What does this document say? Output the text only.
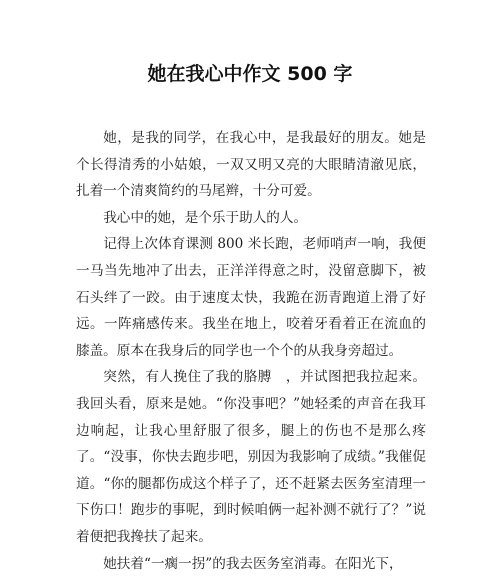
她在我心中作文 500 字

她，是我的同学，在我心中，是我最好的朋友。她是个长得清秀的小姑娘，一双又明又亮的大眼睛清澈见底，扎着一个清爽简约的马尾辫，十分可爱。

我心中的她，是个乐于助人的人。

记得上次体育课测 800 米长跑，老师哨声一响，我便一马当先地冲了出去，正洋洋得意之时，没留意脚下，被石头绊了一跤。由于速度太快，我跪在沥青跑道上滑了好远。一阵痛感传来。我坐在地上，咬着牙看着正在流血的膝盖。原本在我身后的同学也一个个的从我身旁超过。

突然，有人挽住了我的胳膊　，并试图把我拉起来。我回头看，原来是她。“你没事吧？”她轻柔的声音在我耳边响起，让我心里舒服了很多，腿上的伤也不是那么疼了。“没事，你快去跑步吧，别因为我影响了成绩。”我催促道。“你的腿都伤成这个样子了，还不赶紧去医务室清理一下伤口！跑步的事呢，到时候咱俩一起补测不就行了？”说着便把我搀扶了起来。

她扶着“一瘸一拐”的我去医务室消毒。在阳光下，
